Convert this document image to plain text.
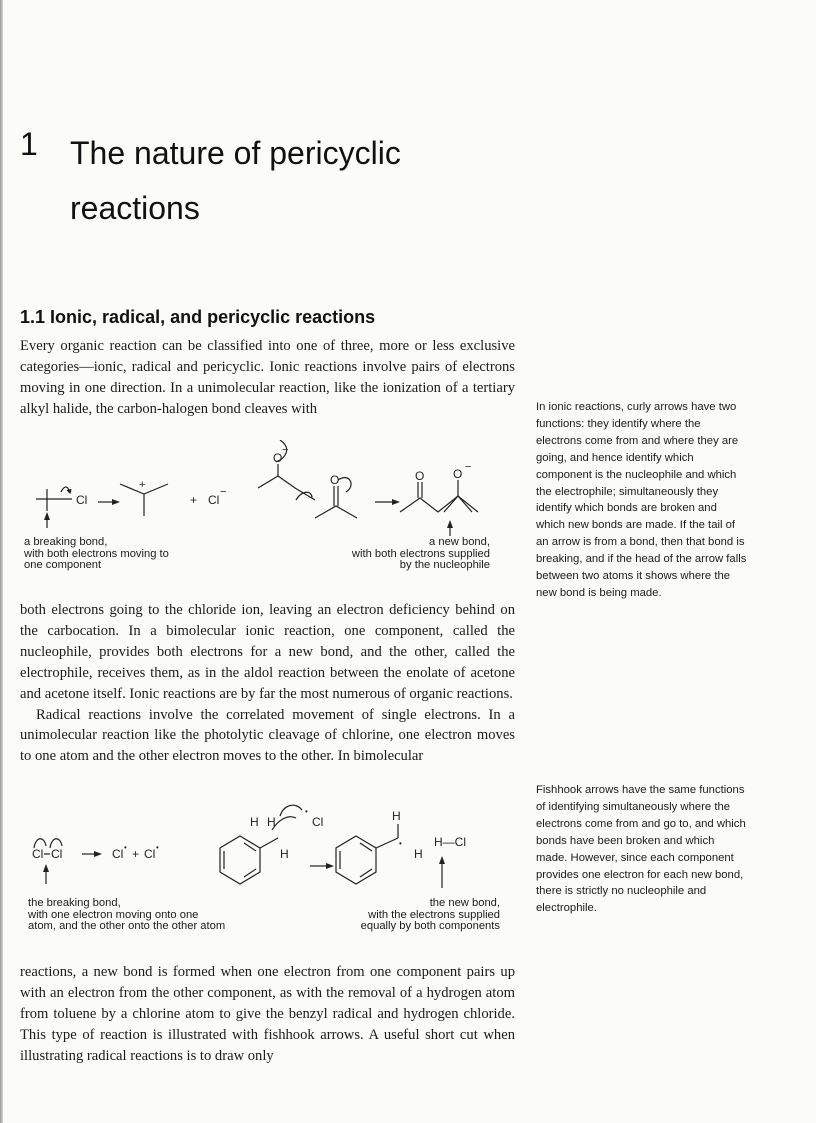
1 The nature of pericyclic reactions
1.1 Ionic, radical, and pericyclic reactions

Every organic reaction can be classified into one of three, more or less exclusive categories—ionic, radical and pericyclic. Ionic reactions involve pairs of electrons moving in one direction. In a unimolecular reaction, like the ionization of a tertiary alkyl halide, the carbon-halogen bond cleaves with	In ionic reactions, curly arrows have two functions: they identify where the electrons come from and where they are going, and hence identify which component is the nucleophile and which the electrophile; simultaneously they identify which bonds are broken and which new bonds are made. If the tail of an arrow is from a bond, then that bond is breaking, and if the head of the arrow falls between two atoms it shows where the new bond is being made.
Cl
+
+ Cl
−
O
−
O	O O −
a breaking bond,
with both electrons moving to
one component
a new bond,
with both electrons supplied
by the nucleophile

both electrons going to the chloride ion, leaving an electron deficiency behind on the carbocation. In a bimolecular ionic reaction, one component, called the nucleophile, provides both electrons for a new bond, and the other, called the electrophile, receives them, as in the aldol reaction between the enolate of acetone and acetone itself. Ionic reactions are by far the most numerous of organic reactions.

Radical reactions involve the correlated movement of single electrons. In a unimolecular reaction like the photolytic cleavage of chlorine, one electron moves to one atom and the other electron moves to the other. In bimolecular

Fishhook arrows have the same functions of identifying simultaneously where the electrons come from and go to, and which bonds have been broken and which made. However, since each component provides one electron for each new bond, there is strictly no nucleophile and electrophile.
Cl Cl	Cl • + Cl •
H H
H
•
Cl	H
•
H
H—Cl
the breaking bond,
with one electron moving onto one
atom, and the other onto the other atom
the new bond,
with the electrons supplied
equally by both components

reactions, a new bond is formed when one electron from one component pairs up with an electron from the other component, as with the removal of a hydrogen atom from toluene by a chlorine atom to give the benzyl radical and hydrogen chloride. This type of reaction is illustrated with fishhook arrows. A useful short cut when illustrating radical reactions is to draw only
